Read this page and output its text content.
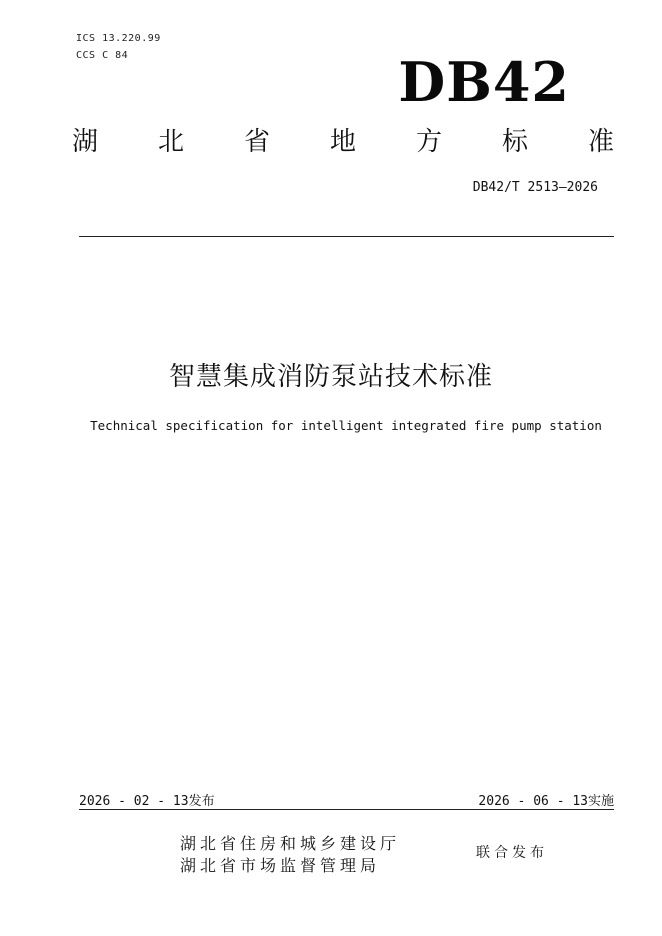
ICS 13.220.99
CCS C 84	DB42
湖 北 省 地 方 标 准
DB42/T 2513—2026
智慧集成消防泵站技术标准
Technical specification for intelligent integrated fire pump station
2026 - 02 - 13发布	2026 - 06 - 13实施
湖北省住房和城乡建设厅
湖北省市场监督管理局
联合发布
